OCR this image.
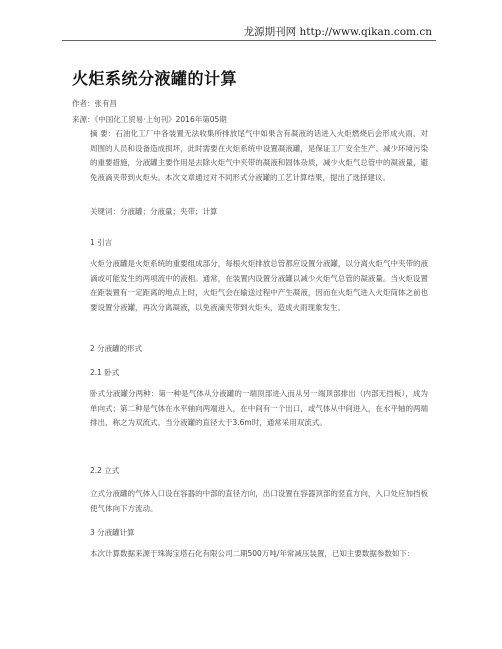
龙源期刊网 http://www.qikan.com.cn
火炬系统分液罐的计算
作者：张有昌
来源：《中国化工贸易·上旬刊》2016年第05期
摘 要：石油化工厂中各装置无法收集所排放尾气中如果含有凝液的话进入火炬燃烧后会形成火雨，对周围的人员和设备造成损坏，此时需要在火炬系统中设置凝液罐，是保证工厂安全生产、减少环境污染的重要措施，分液罐主要作用是去除火炬气中夹带的凝液和固体杂质，减少火炬气总管中的凝液量，避免液滴夹带到火炬头。本次文章通过对不同形式分液罐的工艺计算结果，提出了选择建议。
关键词：分液罐；分液量；夹带；计算
1 引言
火炬分液罐是火炬系统的重要组成部分，每根火炬排放总管都应设置分液罐，以分离火炬气中夹带的液滴或可能发生的两项流中的液相。通常，在装置内设置分液罐以减少火炬气总管的凝液量。当火炬设置在距装置有一定距离的地点上时，火炬气会在输送过程中产生凝液，因而在火炬气进入火炬筒体之前也要设置分液罐，再次分离凝液，以免液滴夹带到火炬头，造成火雨现象发生。
2 分液罐的形式
2.1 卧式
卧式分液罐分两种：第一种是气体从分液罐的一端顶部进入而从另一端顶部排出（内部无挡板），成为单向式；第二种是气体在水平轴向两端进入，在中间有一个出口，或气体从中间进入，在水平轴的两端排出，称之为双流式。当分液罐的直径大于3.6m时，通常采用双流式。
2.2 立式
立式分液罐的气体入口设在容器的中部的直径方向，出口设置在容器顶部的竖直方向，入口处应加挡板使气体向下方流动。
3 分液罐计算
本次计算数据来源于珠海宝塔石化有限公司二期500万吨/年常减压装置，已知主要数据参数如下：
